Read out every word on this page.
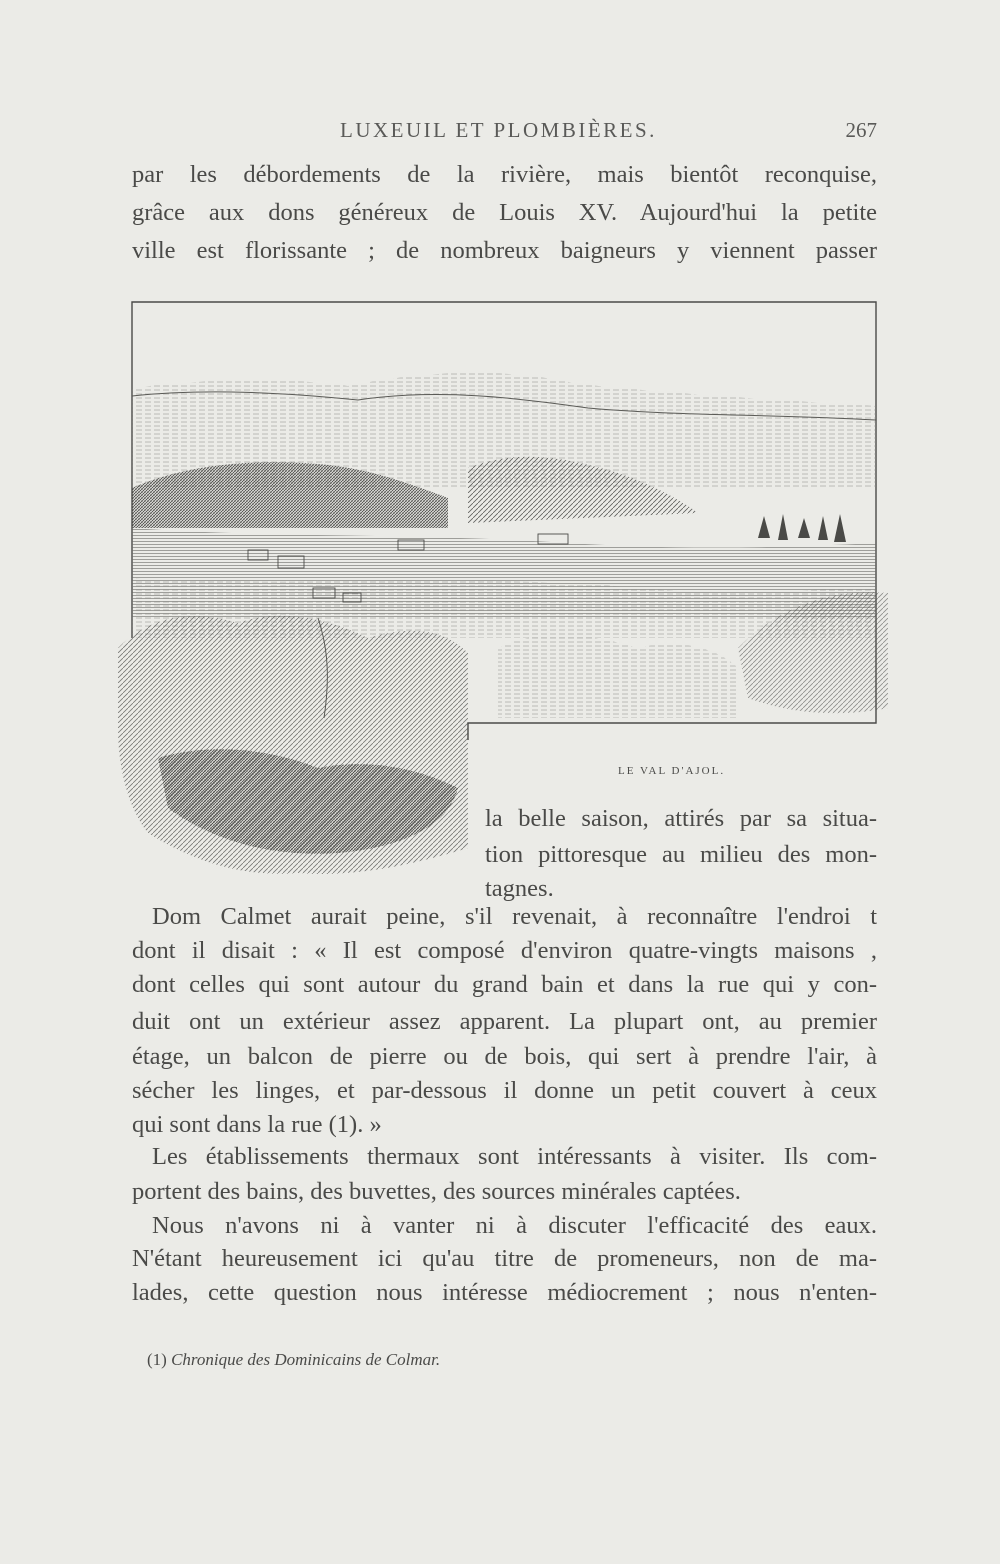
LUXEUIL ET PLOMBIÈRES.	267
par les débordements de la rivière, mais bientôt reconquise,
grâce aux dons généreux de Louis XV. Aujourd'hui la petite
ville est florissante ; de nombreux baigneurs y viennent passer
LE VAL D'AJOL.
la belle saison, attirés par sa situa-
tion pittoresque au milieu des mon-
tagnes.
Dom Calmet aurait peine, s'il revenait, à reconnaître l'endroi t
dont il disait : « Il est composé d'environ quatre-vingts maisons ,
dont celles qui sont autour du grand bain et dans la rue qui y con-
duit ont un extérieur assez apparent. La plupart ont, au premier
étage, un balcon de pierre ou de bois, qui sert à prendre l'air, à
sécher les linges, et par-dessous il donne un petit couvert à ceux
qui sont dans la rue (1). »
Les établissements thermaux sont intéressants à visiter. Ils com-
portent des bains, des buvettes, des sources minérales captées.
Nous n'avons ni à vanter ni à discuter l'efficacité des eaux.
N'étant heureusement ici qu'au titre de promeneurs, non de ma-
lades, cette question nous intéresse médiocrement ; nous n'enten-
(1) Chronique des Dominicains de Colmar.
